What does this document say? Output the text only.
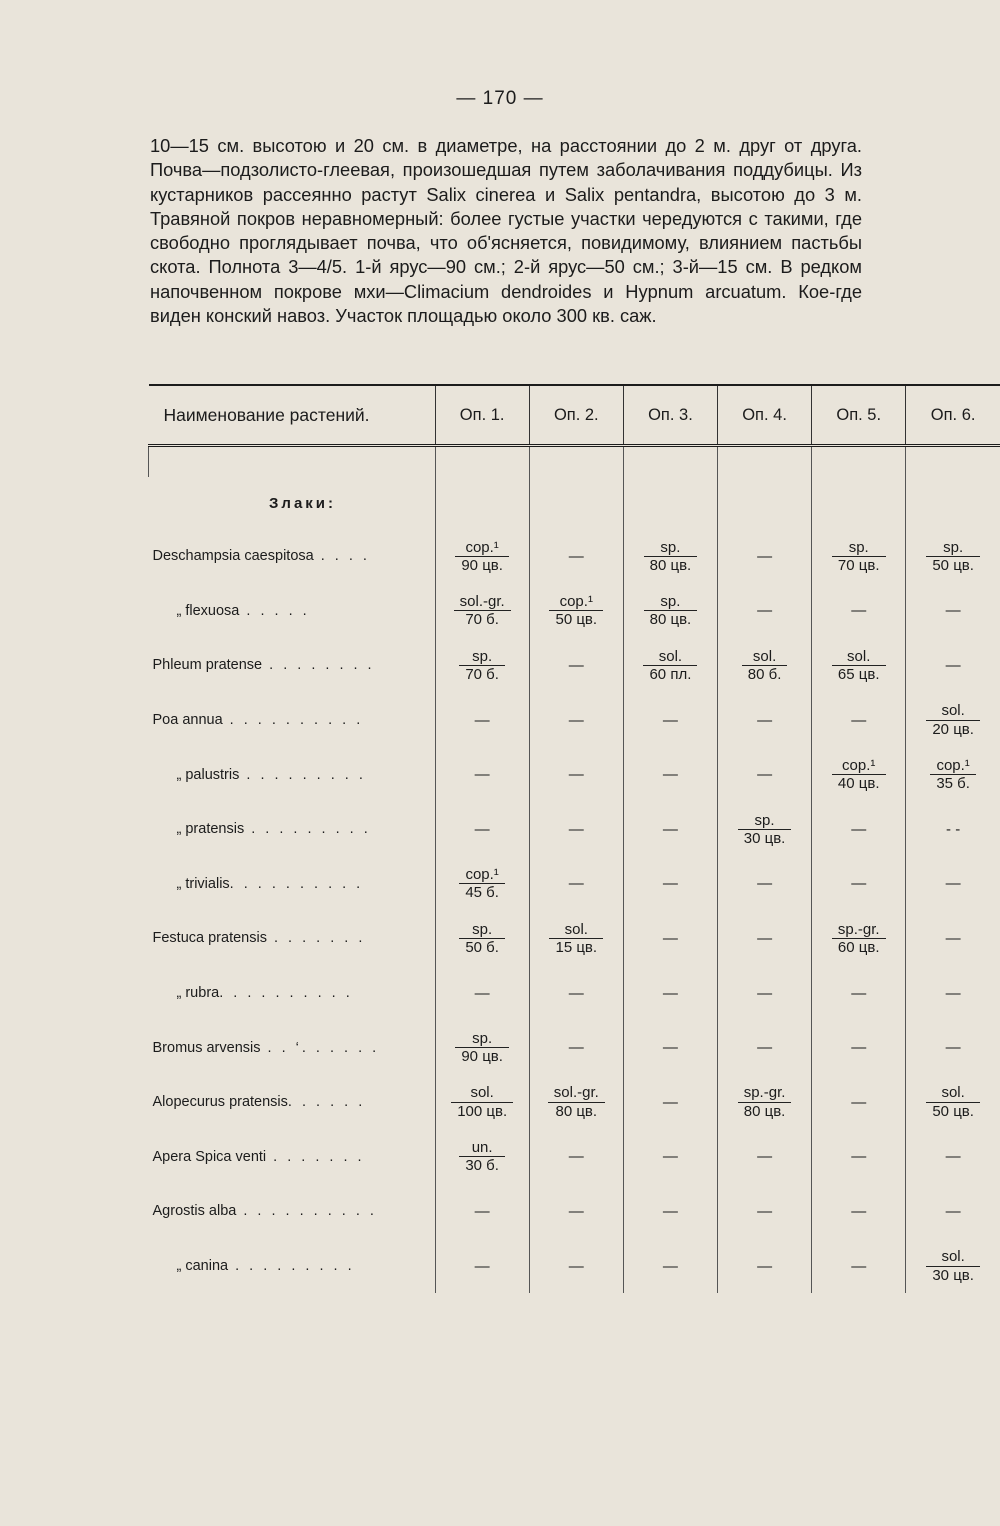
— 170 —

10—15 см. высотою и 20 см. в диаметре, на расстоянии до 2 м. друг от друга. Почва—подзолисто-глеевая, произошедшая путем заболачивания поддубицы. Из кустарников рассеянно растут Salix cinerea и Salix pentandra, высотою до 3 м. Травяной покров неравномерный: более густые участки чередуются с такими, где свободно проглядывает почва, что об'ясняется, повидимому, влиянием пастьбы скота. Полнота 3—4/5. 1-й ярус—90 см.; 2-й ярус—50 см.; 3-й—15 см. В редком напочвенном покрове мхи—Climacium dendroides и Hypnum arcuatum. Кое-где виден конский навоз. Участок площадью около 300 кв. саж.

Наименование растений.	Оп. 1.	Оп. 2.	Оп. 3.	Оп. 4.	Оп. 5.	Оп. 6.

Злаки:						

Deschampsia caespitosa . . . .	$\frac{\text{cop.¹}}{90 цв.}$	—	$\frac{sp.}{80 цв.}$	—	$\frac{sp.}{70 цв.}$	$\frac{sp.}{50 цв.}$

„ flexuosa . . . . .	$\frac{\text{sol.-gr.}}{70 б.}$	$\frac{\text{cop.¹}}{50 цв.}$	$\frac{sp.}{80 цв.}$	—	—	—
Phleum pratense . . . . . . . .	$\frac{sp.}{70 б.}$	—	$\frac{\text{sol.}}{60 пл.}$	$\frac{\text{sol.}}{80 б.}$	$\frac{\text{sol.}}{65 цв.}$	—
Poa annua . . . . . . . . . .	—	—	—	—	—	$\frac{\text{sol.}}{20 цв.}$

„ palustris . . . . . . . . .	—	—	—	—	$\frac{\text{cop.¹}}{40 цв.}$	$\frac{\text{cop.¹}}{35 б.}$

„ pratensis . . . . . . . . .	—	—	—	$\frac{sp.}{30 цв.}$	—	- -
„ trivialis. . . . . . . . . .	$\frac{\text{cop.¹}}{45 б.}$	—	—	—	—	—
Festuca pratensis . . . . . . .	$\frac{sp.}{50 б.}$	$\frac{\text{sol.}}{15 цв.}$	—	—	$\frac{sp.-gr.}{60 цв.}$	—
„ rubra. . . . . . . . . .	—	—	—	—	—	—
Bromus arvensis . . ‘. . . . . .	$\frac{sp.}{90 цв.}$	—	—	—	—	—
Alopecurus pratensis. . . . . .	$\frac{\text{sol.}}{100 цв.}$	$\frac{\text{sol.-gr.}}{80 цв.}$	—	$\frac{sp.-gr.}{80 цв.}$	—	$\frac{\text{sol.}}{50 цв.}$

Apera Spica venti . . . . . . .	$\frac{un.}{30 б.}$	—	—	—	—	—
Agrostis alba . . . . . . . . . .	—	—	—	—	—	—
„ canina . . . . . . . . .	—	—	—	—	—	$\frac{\text{sol.}}{30 цв.}$
